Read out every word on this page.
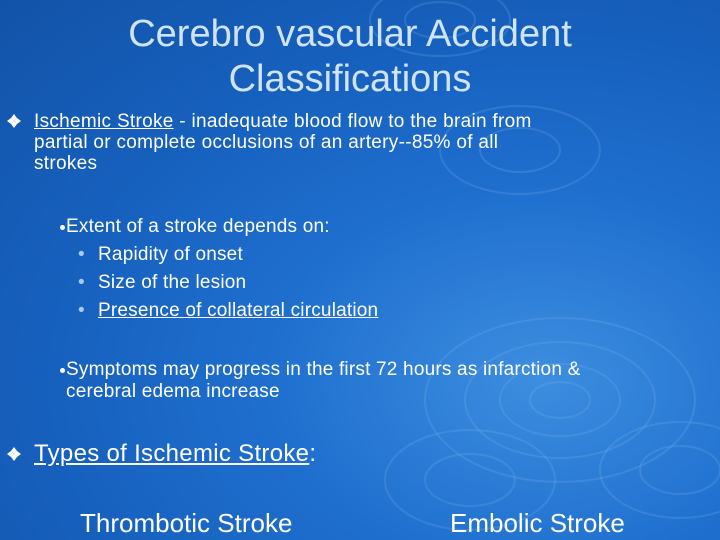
Cerebro vascular Accident
Classifications
Ischemic Stroke - inadequate blood flow to the brain from
partial or complete occlusions of an artery--85% of all
strokes
Extent of a stroke depends on:
• Rapidity of onset
• Size of the lesion
• Presence of collateral circulation
Symptoms may progress in the first 72 hours as infarction &
cerebral edema increase
Types of Ischemic Stroke:
Thrombotic Stroke	Embolic Stroke
